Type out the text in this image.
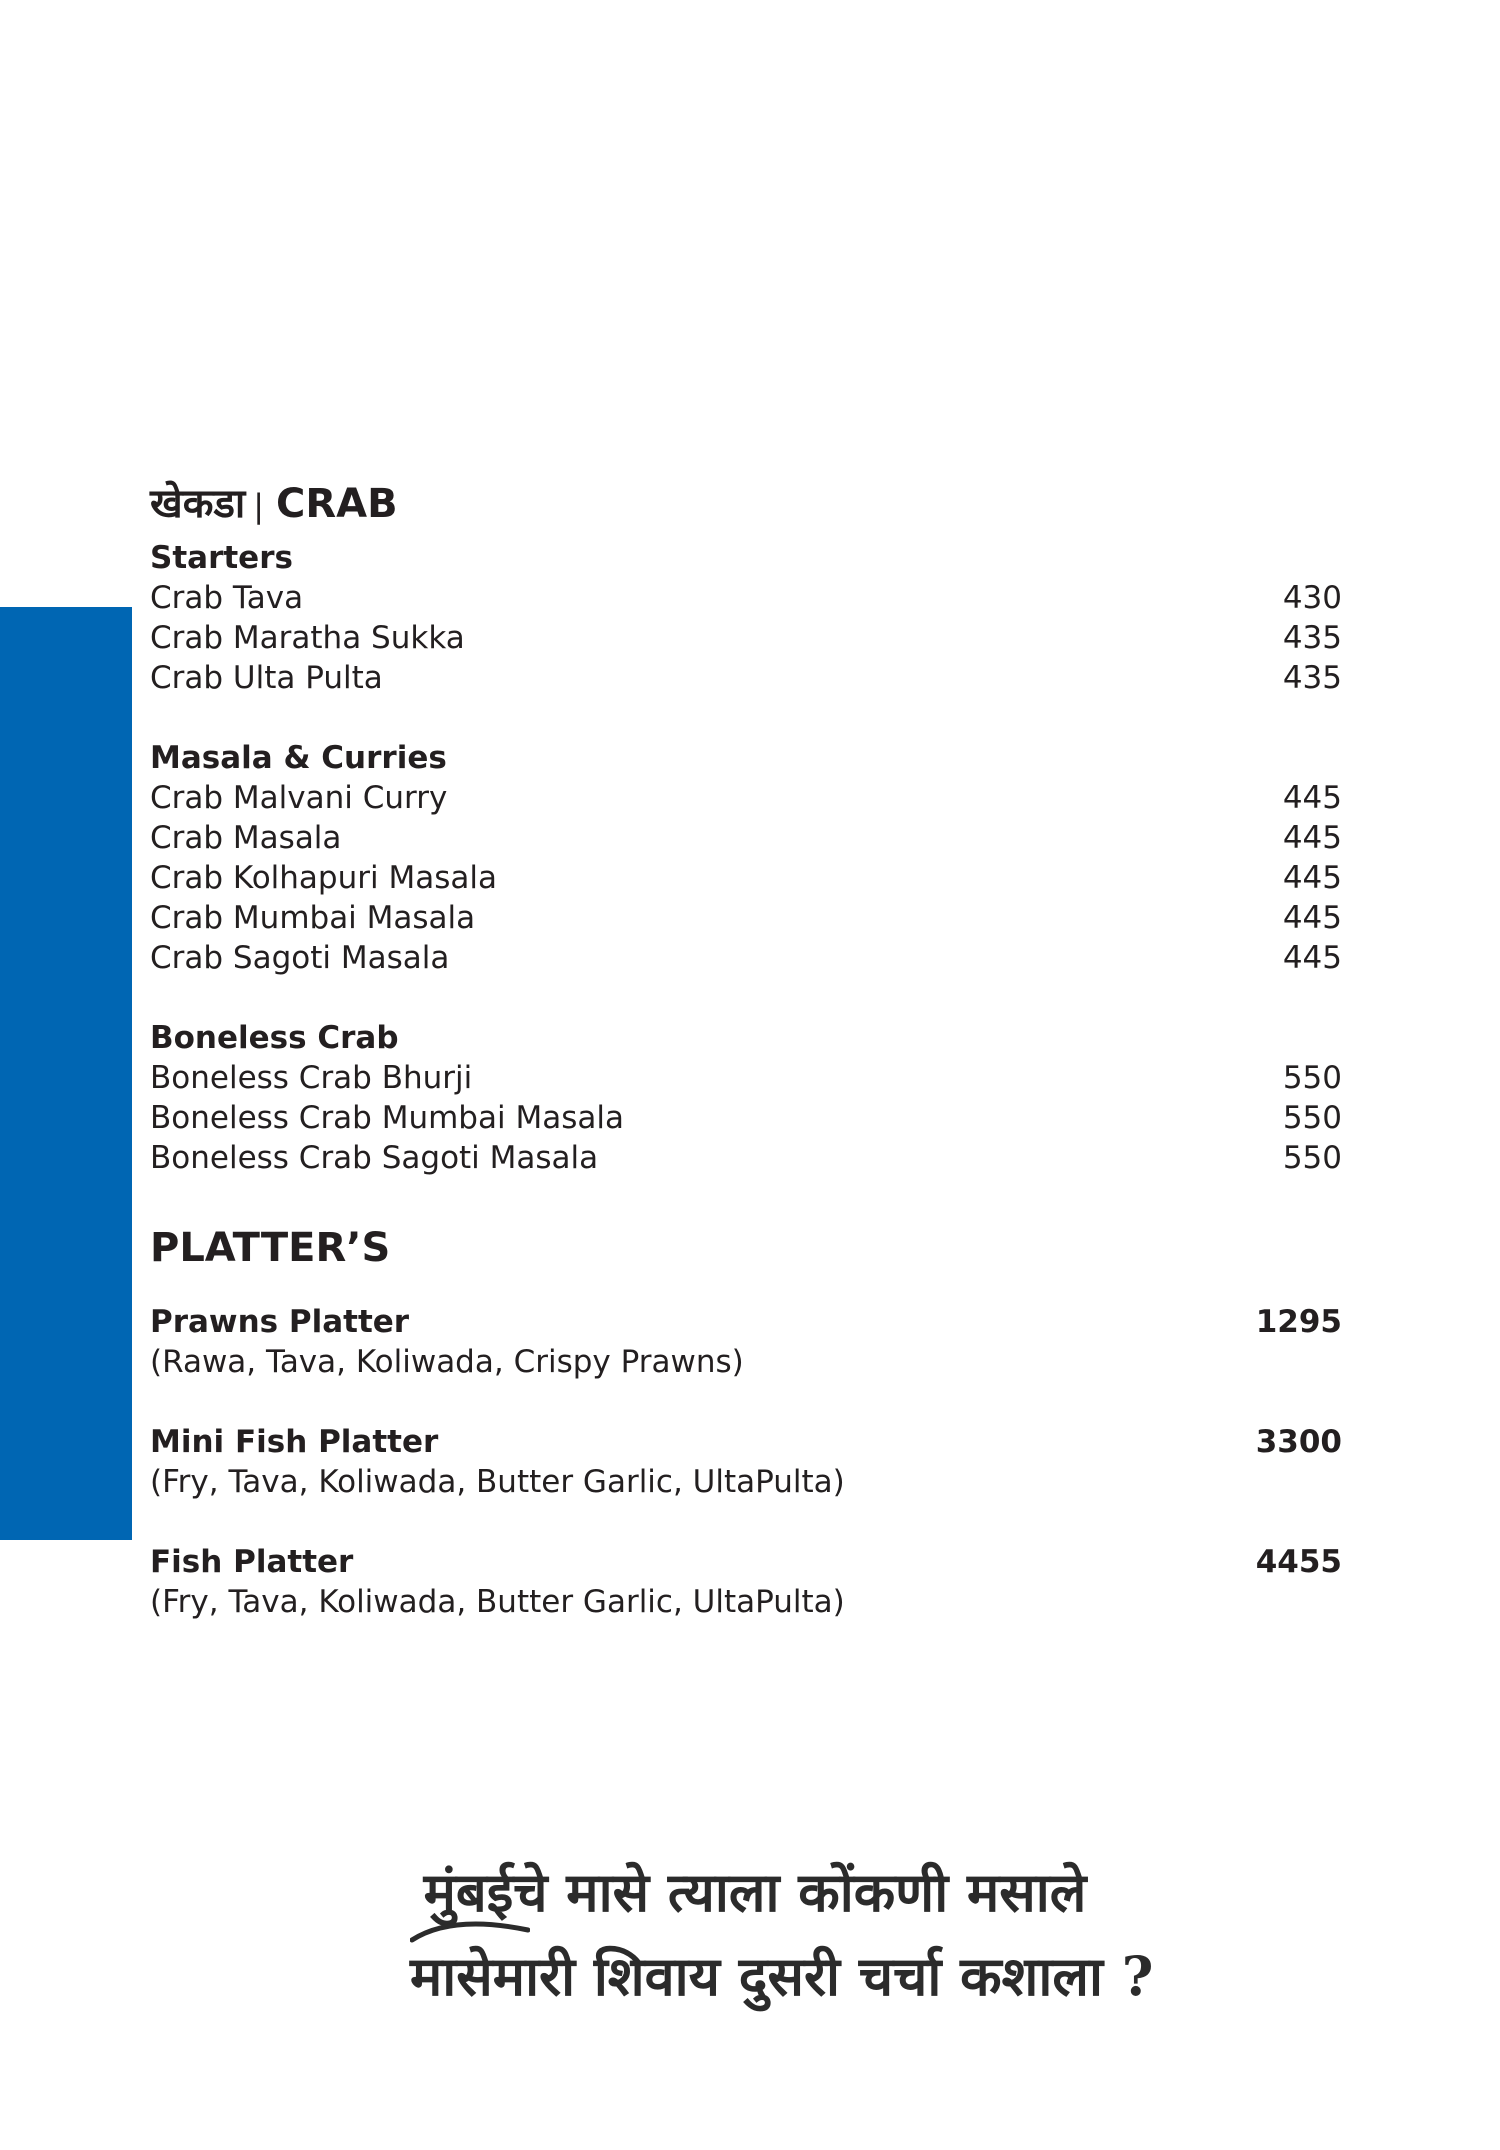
खेकडा | CRAB
Starters
Crab Tava	430
Crab Maratha Sukka	435
Crab Ulta Pulta	435
Masala & Curries
Crab Malvani Curry	445
Crab Masala	445
Crab Kolhapuri Masala	445
Crab Mumbai Masala	445
Crab Sagoti Masala	445
Boneless Crab
Boneless Crab Bhurji	550
Boneless Crab Mumbai Masala	550
Boneless Crab Sagoti Masala	550
PLATTER’S
Prawns Platter	1295
(Rawa, Tava, Koliwada, Crispy Prawns)
Mini Fish Platter	3300
(Fry, Tava, Koliwada, Butter Garlic, UltaPulta)
Fish Platter	4455
(Fry, Tava, Koliwada, Butter Garlic, UltaPulta)
मुंबईचे मासे त्याला कोंकणी मसाले
मासेमारी शिवाय दुसरी चर्चा कशाला ?
